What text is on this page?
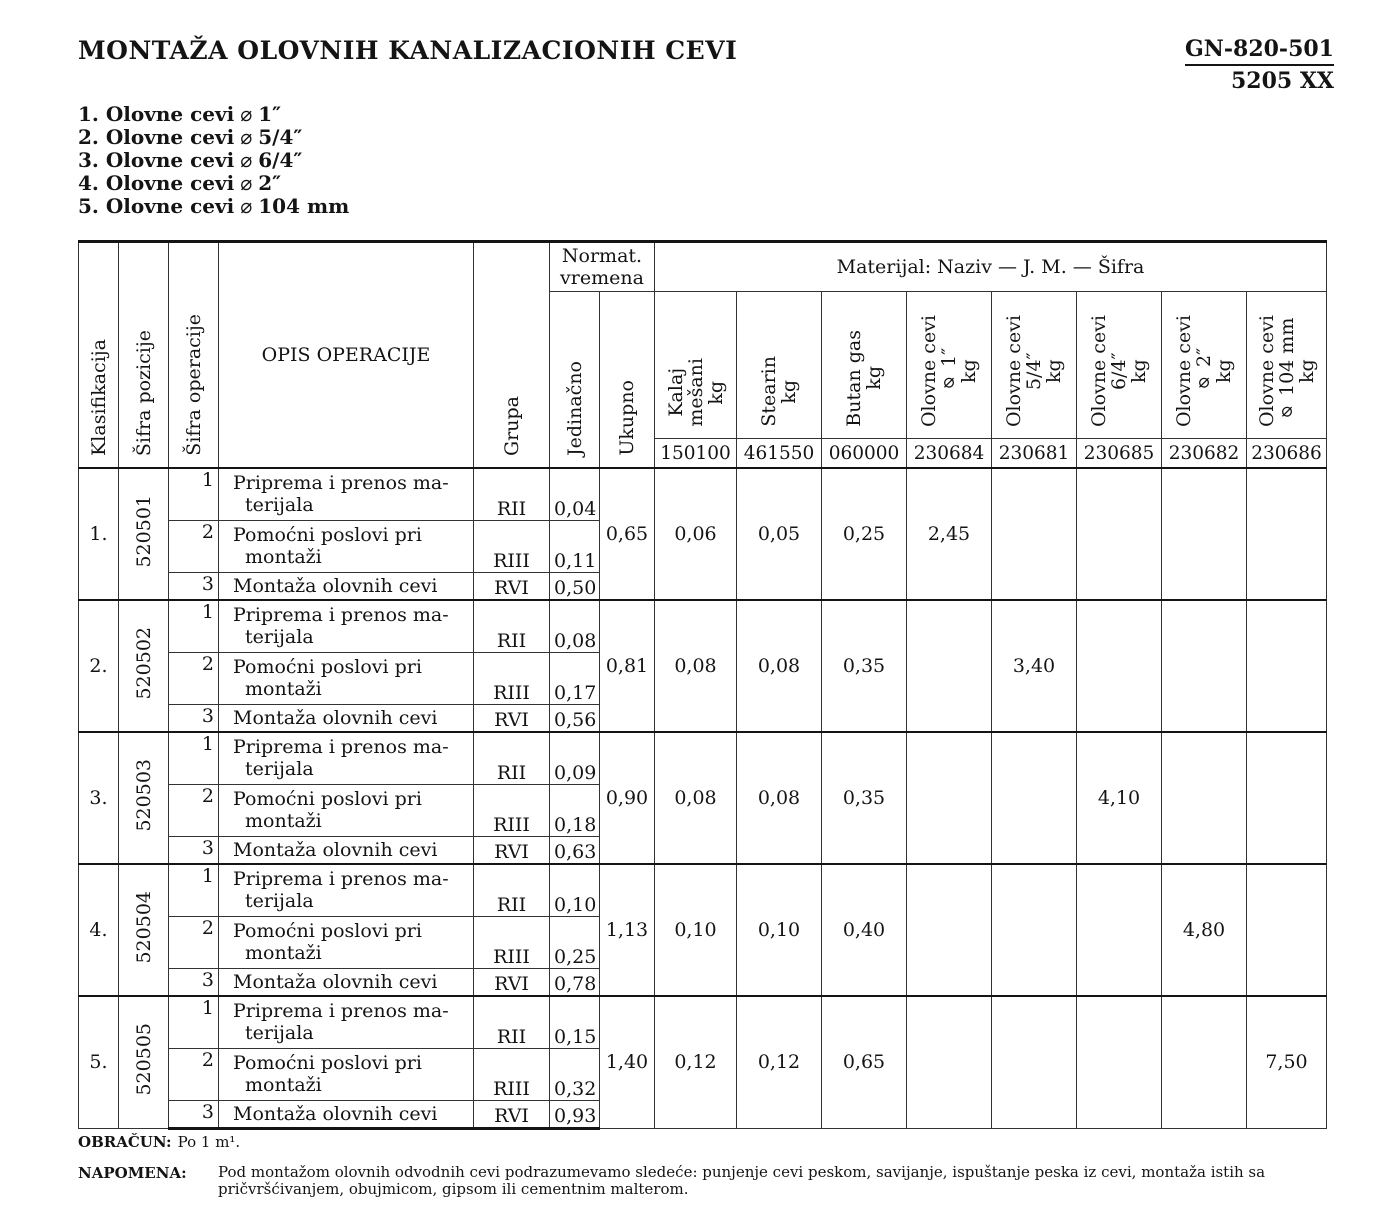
MONTAŽA OLOVNIH KANALIZACIONIH CEVI	GN-820-501
5205 XX
1. Olovne cevi ⌀ 1″
2. Olovne cevi ⌀ 5/4″
3. Olovne cevi ⌀ 6/4″
4. Olovne cevi ⌀ 2″
5. Olovne cevi ⌀ 104 mm
Klasifikacija	Šifra pozicije	Šifra operacije	OPIS OPERACIJE	Grupa	Normat. vremena		Materijal: Naziv — J. M. — Šifra							
					Jedinačno	Ukupno	Kalaj
mešani
kg	Stearin
kg	Butan gas
kg	Olovne cevi
⌀ 1″
kg	Olovne cevi
5/4″
kg	Olovne cevi
6/4″
kg	Olovne cevi
⌀ 2″
kg	Olovne cevi
⌀ 104 mm
kg

							150100	461550	060000	230684	230681	230685	230682	230686
1.	520501	1	Priprema i prenos ma-
terijala	RII	0,04	0,65	0,06	0,05	0,25	2,45				
		2	Pomoćni poslovi pri
montaži	RIII	0,11									
		3	Montaža olovnih cevi	RVI	0,50									
2.	520502	1	Priprema i prenos ma-
terijala	RII	0,08	0,81	0,08	0,08	0,35		3,40			
		2	Pomoćni poslovi pri
montaži	RIII	0,17									
		3	Montaža olovnih cevi	RVI	0,56									
3.	520503	1	Priprema i prenos ma-
terijala	RII	0,09	0,90	0,08	0,08	0,35			4,10		
		2	Pomoćni poslovi pri
montaži	RIII	0,18									
		3	Montaža olovnih cevi	RVI	0,63									
4.	520504	1	Priprema i prenos ma-
terijala	RII	0,10	1,13	0,10	0,10	0,40				4,80	
		2	Pomoćni poslovi pri
montaži	RIII	0,25									
		3	Montaža olovnih cevi	RVI	0,78									
5.	520505	1	Priprema i prenos ma-
terijala	RII	0,15	1,40	0,12	0,12	0,65					7,50
		2	Pomoćni poslovi pri
montaži	RIII	0,32									
		3	Montaža olovnih cevi	RVI	0,93									
OBRAČUN: Po 1 m¹.
NAPOMENA:	Pod montažom olovnih odvodnih cevi podrazumevamo sledeće: punjenje cevi peskom, savijanje, ispuštanje peska iz cevi, montaža istih sa pričvršćivanjem, obujmicom, gipsom ili cementnim malterom.
